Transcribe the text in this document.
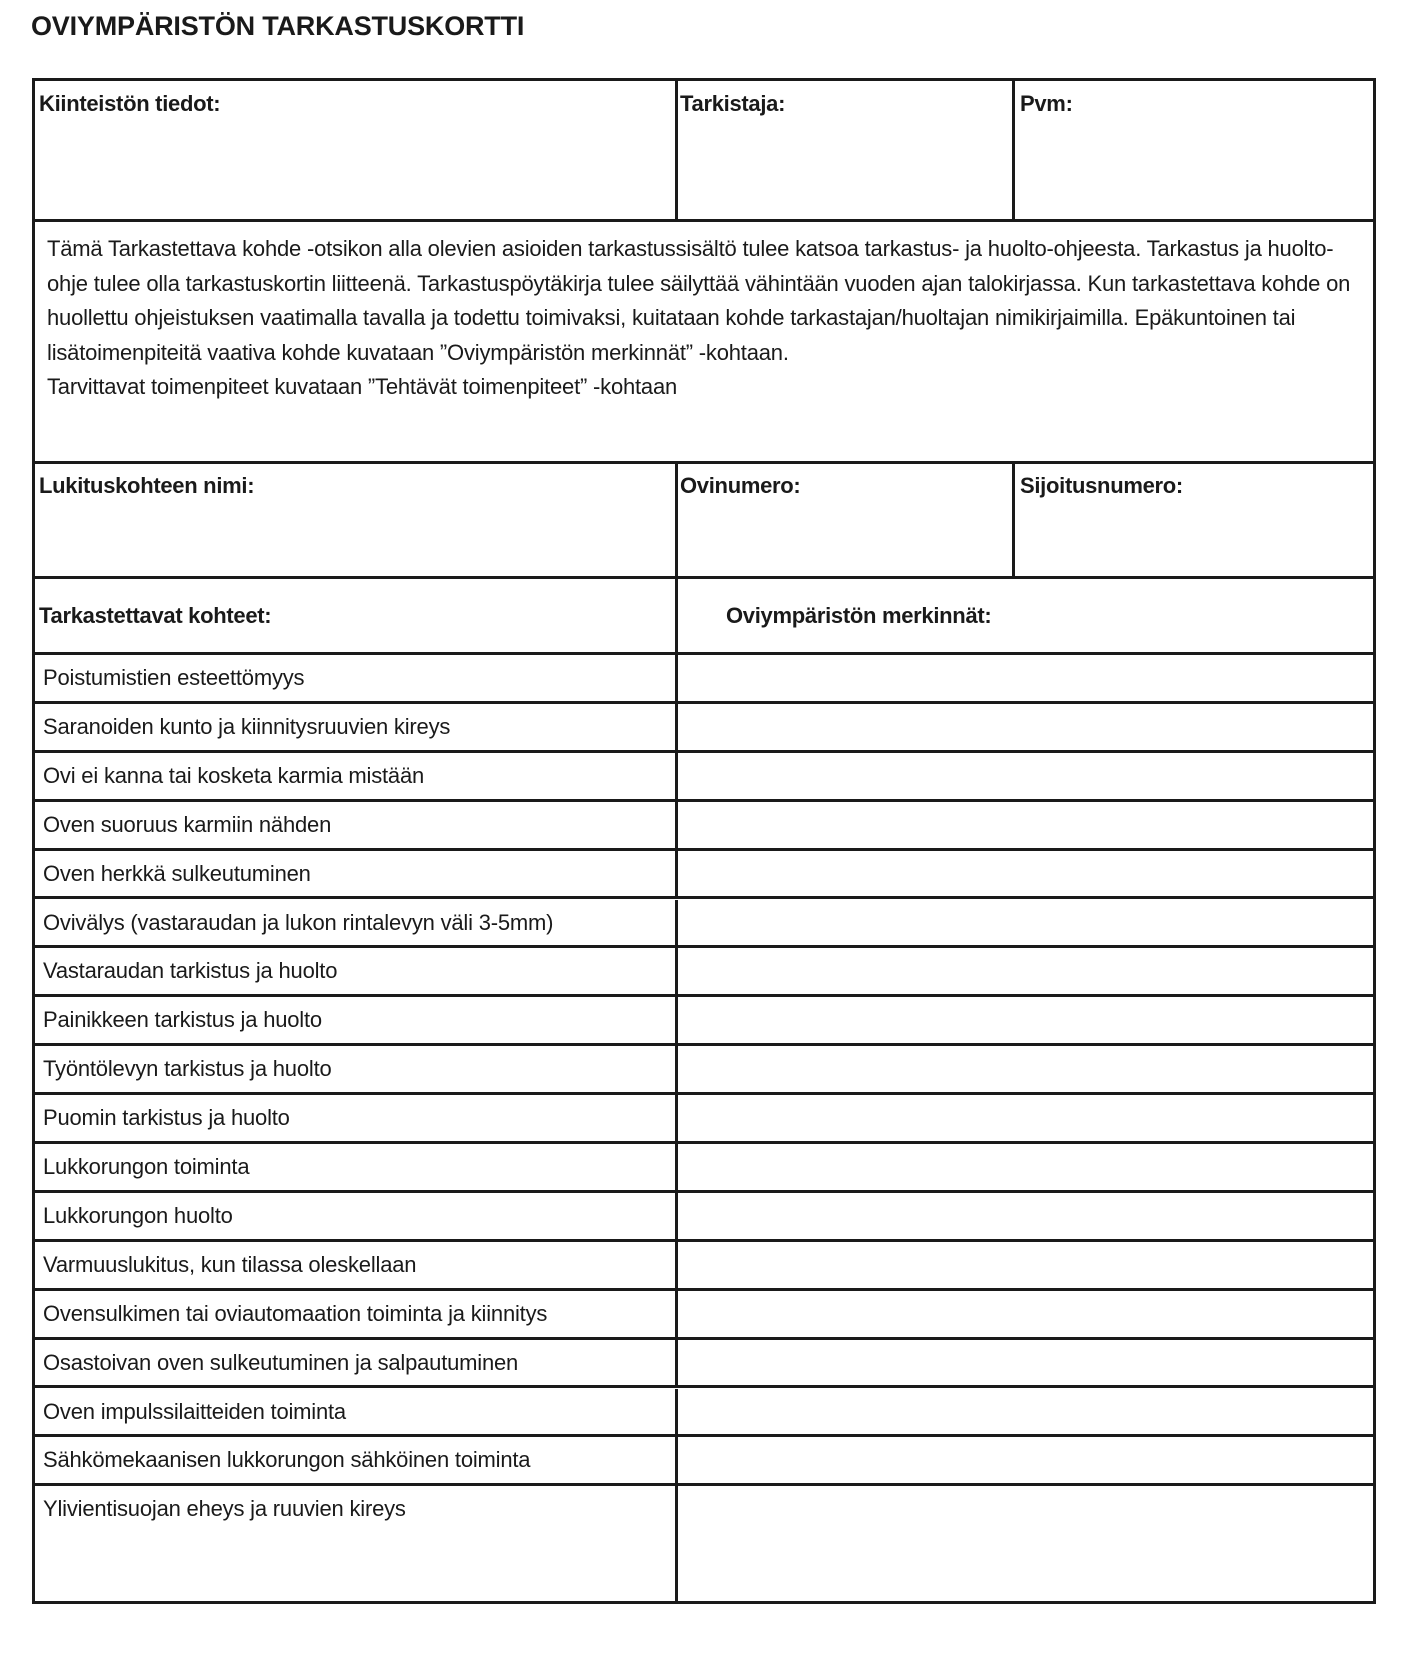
OVIYMPÄRISTÖN TARKASTUSKORTTI
Kiinteistön tiedot:	Tarkistaja:	Pvm:

Tämä Tarkastettava kohde -otsikon alla olevien asioiden tarkastussisältö tulee katsoa tarkastus- ja huolto-ohjeesta. Tarkastus ja huolto-ohje tulee olla tarkastuskortin liitteenä. Tarkastuspöytäkirja tulee säilyttää vähintään vuoden ajan talokirjassa. Kun tarkastettava kohde on huollettu ohjeistuksen vaatimalla tavalla ja todettu toimivaksi, kuitataan kohde tarkastajan/huoltajan nimikirjaimilla. Epäkuntoinen tai lisätoimenpiteitä vaativa kohde kuvataan ”Oviympäristön merkinnät” -kohtaan.

Tarvittavat toimenpiteet kuvataan ”Tehtävät toimenpiteet” -kohtaan

Lukituskohteen nimi:	Ovinumero:	Sijoitusnumero:
Tarkastettavat kohteet:	Oviympäristön merkinnät:
Poistumistien esteettömyys
Saranoiden kunto ja kiinnitysruuvien kireys
Ovi ei kanna tai kosketa karmia mistään
Oven suoruus karmiin nähden
Oven herkkä sulkeutuminen
Ovivälys (vastaraudan ja lukon rintalevyn väli 3-5mm)
Vastaraudan tarkistus ja huolto
Painikkeen tarkistus ja huolto
Työntölevyn tarkistus ja huolto
Puomin tarkistus ja huolto
Lukkorungon toiminta
Lukkorungon huolto
Varmuuslukitus, kun tilassa oleskellaan
Ovensulkimen tai oviautomaation toiminta ja kiinnitys
Osastoivan oven sulkeutuminen ja salpautuminen
Oven impulssilaitteiden toiminta
Sähkömekaanisen lukkorungon sähköinen toiminta
Ylivientisuojan eheys ja ruuvien kireys
